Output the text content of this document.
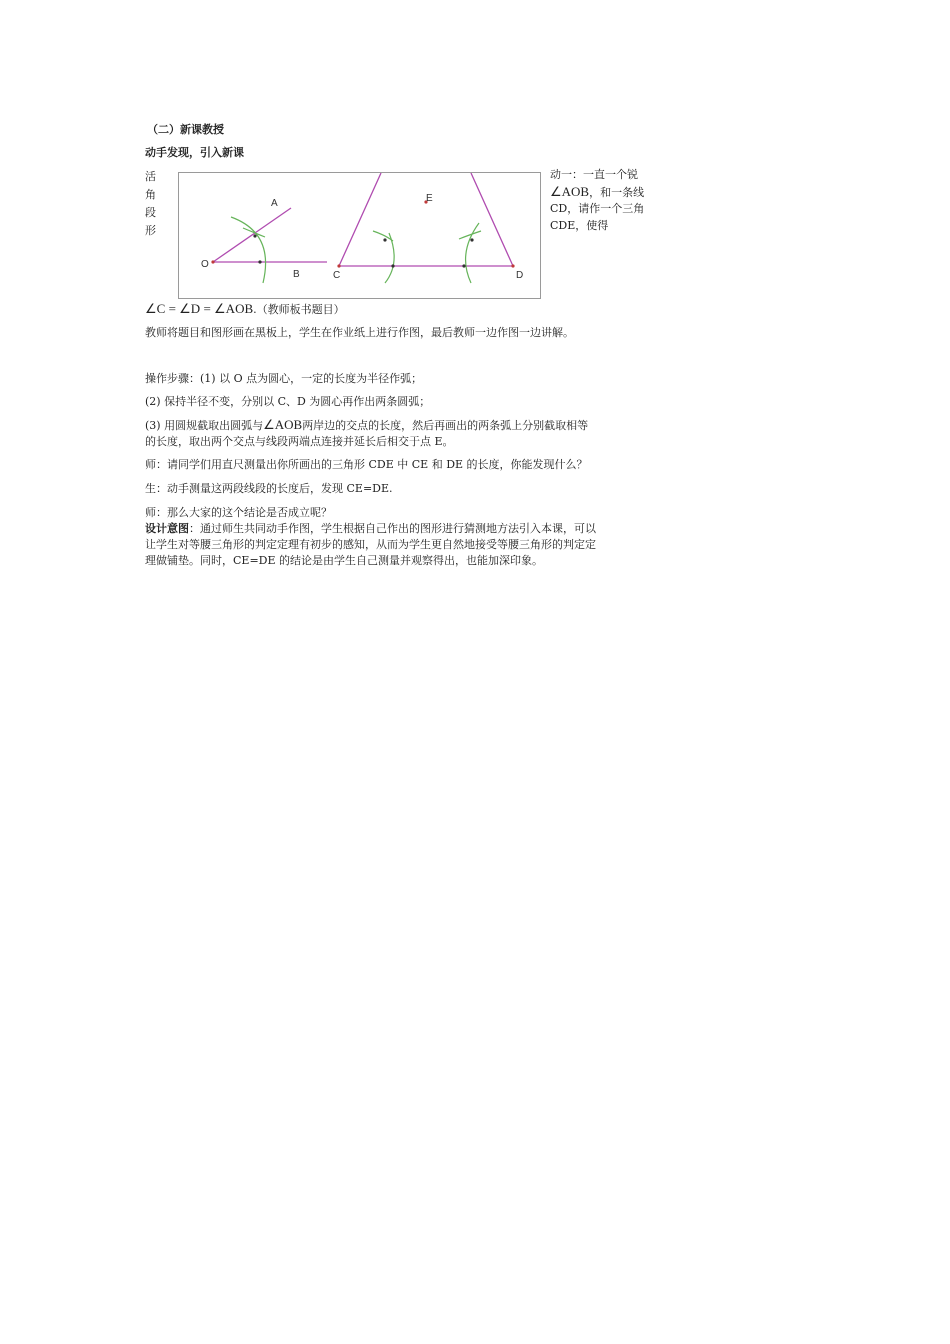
（二）新课教授
动手发现，引入新课
活
角
段
形
O
A
B	C	D
E
动一：一直一个锐
∠AOB，和一条线
CD，请作一个三角
CDE，使得
∠C = ∠D = ∠AOB.（教师板书题目）
教师将题目和图形画在黑板上，学生在作业纸上进行作图，最后教师一边作图一边讲解。
操作步骤：(1) 以 O 点为圆心，一定的长度为半径作弧；
(2) 保持半径不变，分别以 C、D 为圆心再作出两条圆弧；
(3) 用圆规截取出圆弧与∠AOB两岸边的交点的长度，然后再画出的两条弧上分别截取相等
的长度，取出两个交点与线段两端点连接并延长后相交于点 E。
师：请同学们用直尺测量出你所画出的三角形 CDE 中 CE 和 DE 的长度，你能发现什么？
生：动手测量这两段线段的长度后，发现 CE=DE.
师：那么大家的这个结论是否成立呢？
设计意图：通过师生共同动手作图，学生根据自己作出的图形进行猜测地方法引入本课，可以
让学生对等腰三角形的判定定理有初步的感知，从而为学生更自然地接受等腰三角形的判定定
理做铺垫。同时，CE=DE 的结论是由学生自己测量并观察得出，也能加深印象。
